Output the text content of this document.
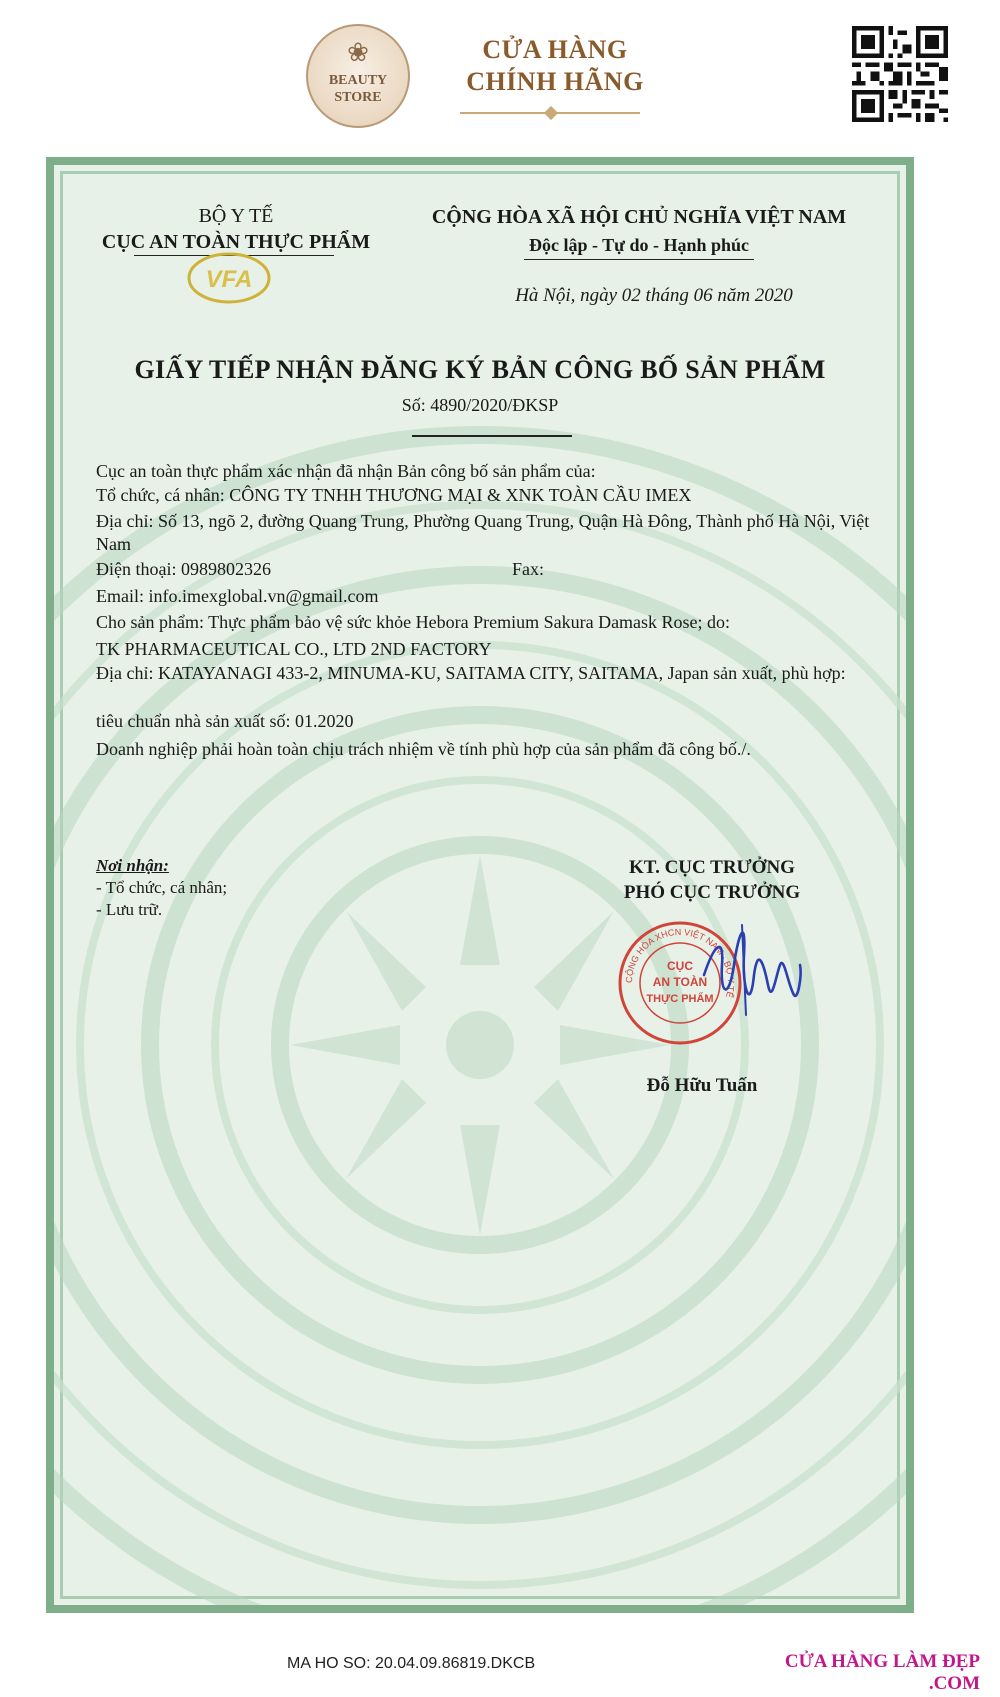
❀
BEAUTY
STORE
CỬA HÀNG
CHÍNH HÃNG
BỘ Y TẾ
CỤC AN TOÀN THỰC PHẨM
VFA
CỘNG HÒA XÃ HỘI CHỦ NGHĨA VIỆT NAM
Độc lập - Tự do - Hạnh phúc
Hà Nội, ngày 02 tháng 06 năm 2020
GIẤY TIẾP NHẬN ĐĂNG KÝ BẢN CÔNG BỐ SẢN PHẨM
Số: 4890/2020/ĐKSP
Cục an toàn thực phẩm xác nhận đã nhận Bản công bố sản phẩm của:
Tổ chức, cá nhân: CÔNG TY TNHH THƯƠNG MẠI & XNK TOÀN CẦU IMEX
Địa chỉ: Số 13, ngõ 2, đường Quang Trung, Phường Quang Trung, Quận Hà Đông, Thành phố Hà Nội, Việt Nam
Điện thoại: 0989802326	Fax:
Email: info.imexglobal.vn@gmail.com
Cho sản phẩm: Thực phẩm bảo vệ sức khỏe Hebora Premium Sakura Damask Rose; do:
TK PHARMACEUTICAL CO., LTD 2ND FACTORY
Địa chỉ: KATAYANAGI 433-2, MINUMA-KU, SAITAMA CITY, SAITAMA, Japan sản xuất, phù hợp:
tiêu chuẩn nhà sản xuất số: 01.2020
Doanh nghiệp phải hoàn toàn chịu trách nhiệm về tính phù hợp của sản phẩm đã công bố./.
Nơi nhận:
- Tổ chức, cá nhân;
- Lưu trữ.
KT. CỤC TRƯỞNG
PHÓ CỤC TRƯỞNG
CỘNG HÒA XHCN VIỆT NAM · BỘ Y TẾ
CỤC
AN TOÀN
THỰC PHẨM
Đỗ Hữu Tuấn
MA HO SO: 20.04.09.86819.DKCB	CỬA HÀNG LÀM ĐẸP .COM
